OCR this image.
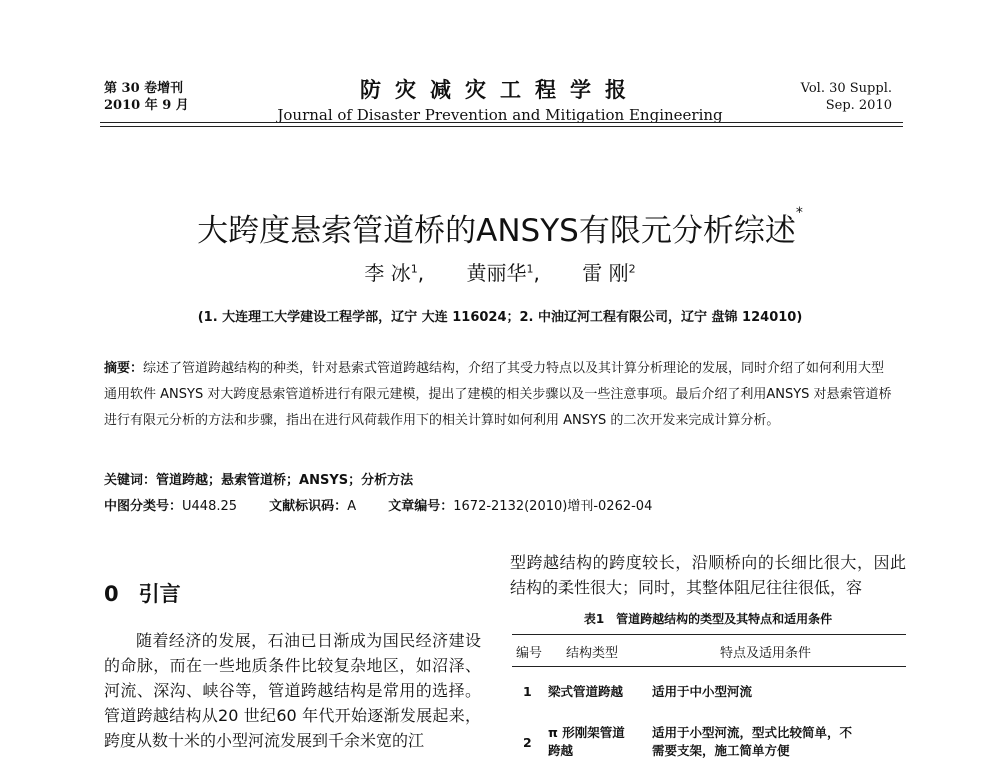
第 30 卷增刊
2010 年 9 月
防灾减灾工程学报
Journal of Disaster Prevention and Mitigation Engineering
Vol. 30 Suppl.
Sep. 2010
大跨度悬索管道桥的ANSYS有限元分析综述*
李 冰$^1$, 黄丽华$^1$, 雷 刚$^2$
(1. 大连理工大学建设工程学部，辽宁 大连 116024；2. 中油辽河工程有限公司，辽宁 盘锦 124010)
摘要：综述了管道跨越结构的种类，针对悬索式管道跨越结构，介绍了其受力特点以及其计算分析理论的发展，同时介绍了如何利用大型通用软件 ANSYS 对大跨度悬索管道桥进行有限元建模，提出了建模的相关步骤以及一些注意事项。最后介绍了利用ANSYS 对悬索管道桥进行有限元分析的方法和步骤，指出在进行风荷载作用下的相关计算时如何利用 ANSYS 的二次开发来完成计算分析。
关键词：管道跨越；悬索管道桥；ANSYS；分析方法
中图分类号：U448.25 文献标识码：A 文章编号：1672-2132(2010)增刊-0262-04
0 引言
随着经济的发展，石油已日渐成为国民经济建设的命脉，而在一些地质条件比较复杂地区，如沼泽、河流、深沟、峡谷等，管道跨越结构是常用的选择。管道跨越结构从20 世纪60 年代开始逐渐发展起来，跨度从数十米的小型河流发展到千余米宽的江
型跨越结构的跨度较长，沿顺桥向的长细比很大，因此结构的柔性很大；同时，其整体阻尼往往很低，容
表1　管道跨越结构的类型及其特点和适用条件
编号 结构类型	特点及适用条件
1 梁式管道跨越 适用于中小型河流
2
π 形刚架管道
跨越
适用于小型河流，型式比较简单，不
需要支架，施工简单方便
